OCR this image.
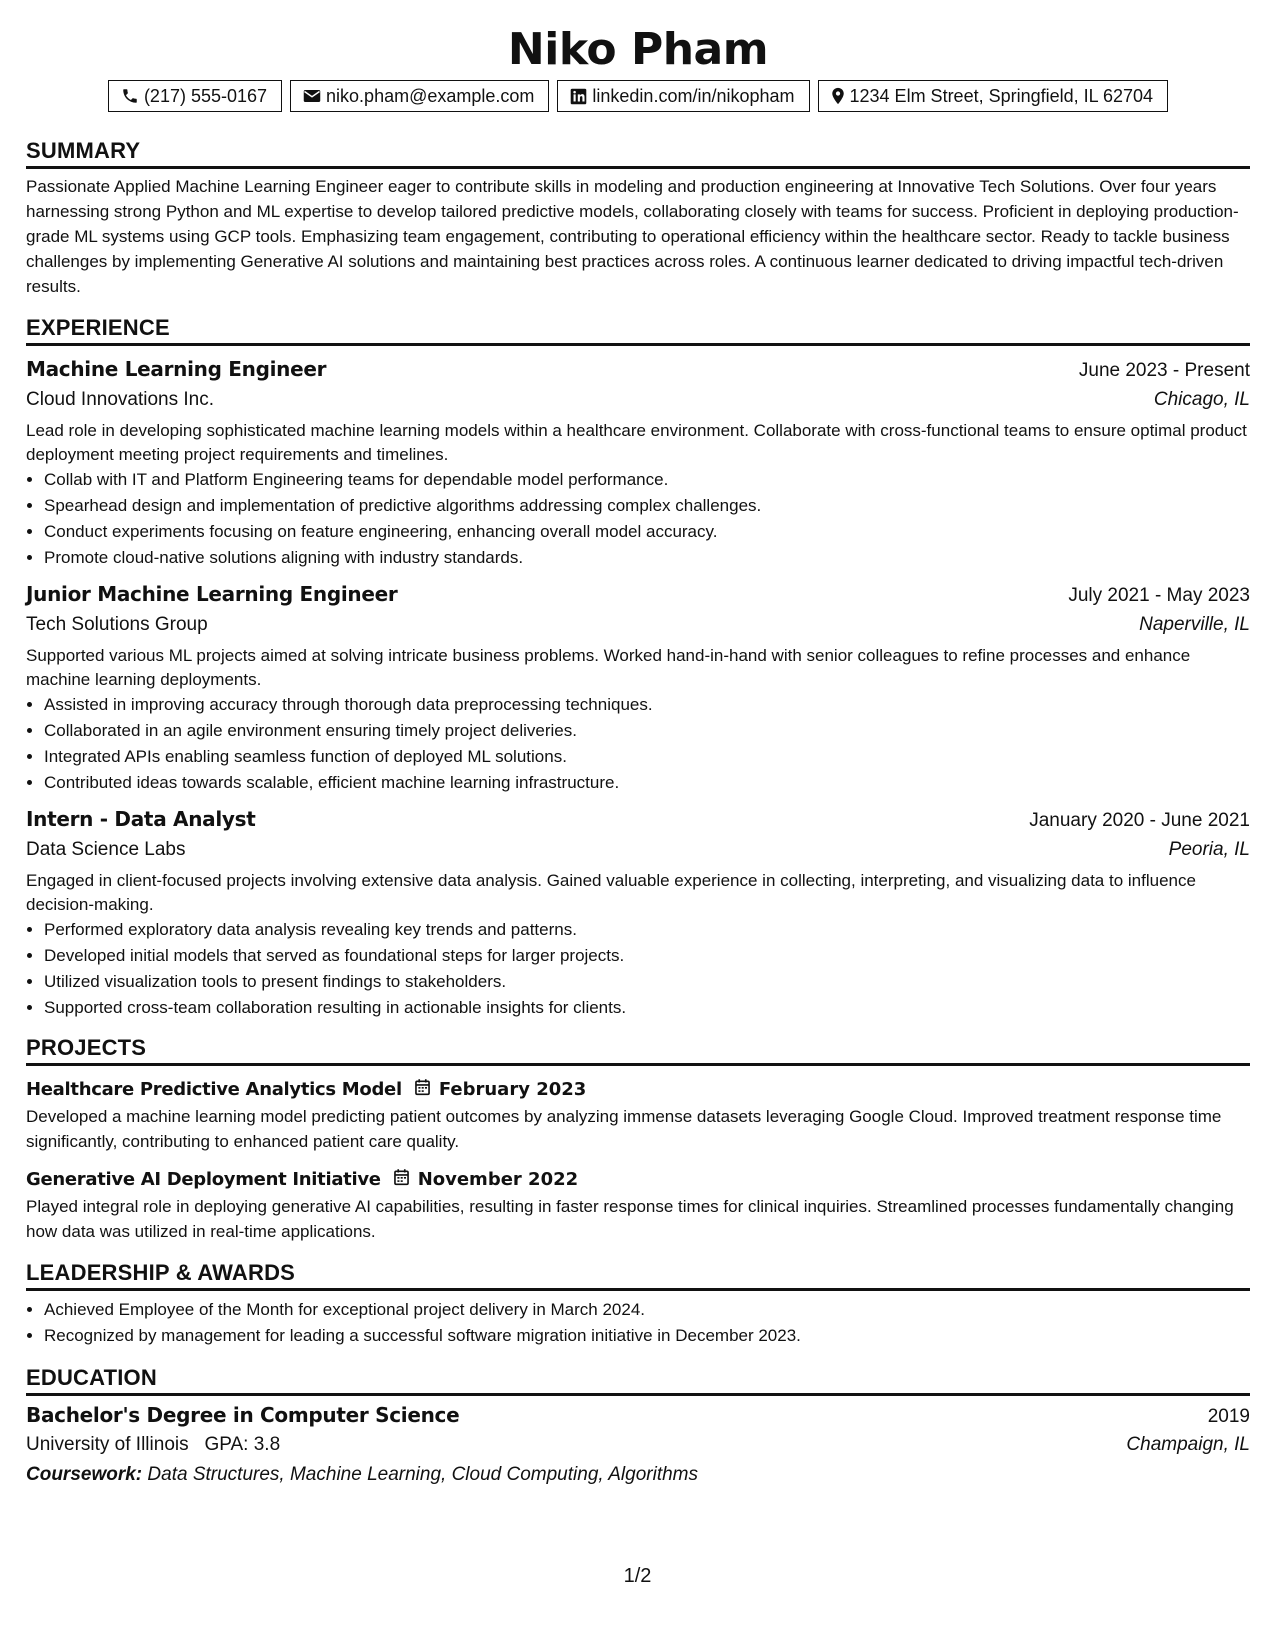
Niko Pham
(217) 555-0167	niko.pham@example.com	linkedin.com/in/nikopham	1234 Elm Street, Springfield, IL 62704
SUMMARY
Passionate Applied Machine Learning Engineer eager to contribute skills in modeling and production engineering at Innovative Tech Solutions. Over four years harnessing strong Python and ML expertise to develop tailored predictive models, collaborating closely with teams for success. Proficient in deploying production-grade ML systems using GCP tools. Emphasizing team engagement, contributing to operational efficiency within the healthcare sector. Ready to tackle business challenges by implementing Generative AI solutions and maintaining best practices across roles. A continuous learner dedicated to driving impactful tech-driven results.
EXPERIENCE
Machine Learning Engineer	June 2023 - Present
Cloud Innovations Inc.	Chicago, IL
Lead role in developing sophisticated machine learning models within a healthcare environment. Collaborate with cross-functional teams to ensure optimal product deployment meeting project requirements and timelines.
• Collab with IT and Platform Engineering teams for dependable model performance.
• Spearhead design and implementation of predictive algorithms addressing complex challenges.
• Conduct experiments focusing on feature engineering, enhancing overall model accuracy.
• Promote cloud-native solutions aligning with industry standards.
Junior Machine Learning Engineer	July 2021 - May 2023
Tech Solutions Group	Naperville, IL
Supported various ML projects aimed at solving intricate business problems. Worked hand-in-hand with senior colleagues to refine processes and enhance machine learning deployments.
• Assisted in improving accuracy through thorough data preprocessing techniques.
• Collaborated in an agile environment ensuring timely project deliveries.
• Integrated APIs enabling seamless function of deployed ML solutions.
• Contributed ideas towards scalable, efficient machine learning infrastructure.
Intern - Data Analyst	January 2020 - June 2021
Data Science Labs	Peoria, IL
Engaged in client-focused projects involving extensive data analysis. Gained valuable experience in collecting, interpreting, and visualizing data to influence decision-making.
• Performed exploratory data analysis revealing key trends and patterns.
• Developed initial models that served as foundational steps for larger projects.
• Utilized visualization tools to present findings to stakeholders.
• Supported cross-team collaboration resulting in actionable insights for clients.
PROJECTS
Healthcare Predictive Analytics Model February 2023
Developed a machine learning model predicting patient outcomes by analyzing immense datasets leveraging Google Cloud. Improved treatment response time significantly, contributing to enhanced patient care quality.
Generative AI Deployment Initiative November 2022
Played integral role in deploying generative AI capabilities, resulting in faster response times for clinical inquiries. Streamlined processes fundamentally changing how data was utilized in real-time applications.
LEADERSHIP & AWARDS
• Achieved Employee of the Month for exceptional project delivery in March 2024.
• Recognized by management for leading a successful software migration initiative in December 2023.
EDUCATION
Bachelor's Degree in Computer Science	2019
University of Illinois GPA: 3.8	Champaign, IL
Coursework: Data Structures, Machine Learning, Cloud Computing, Algorithms
1/2
